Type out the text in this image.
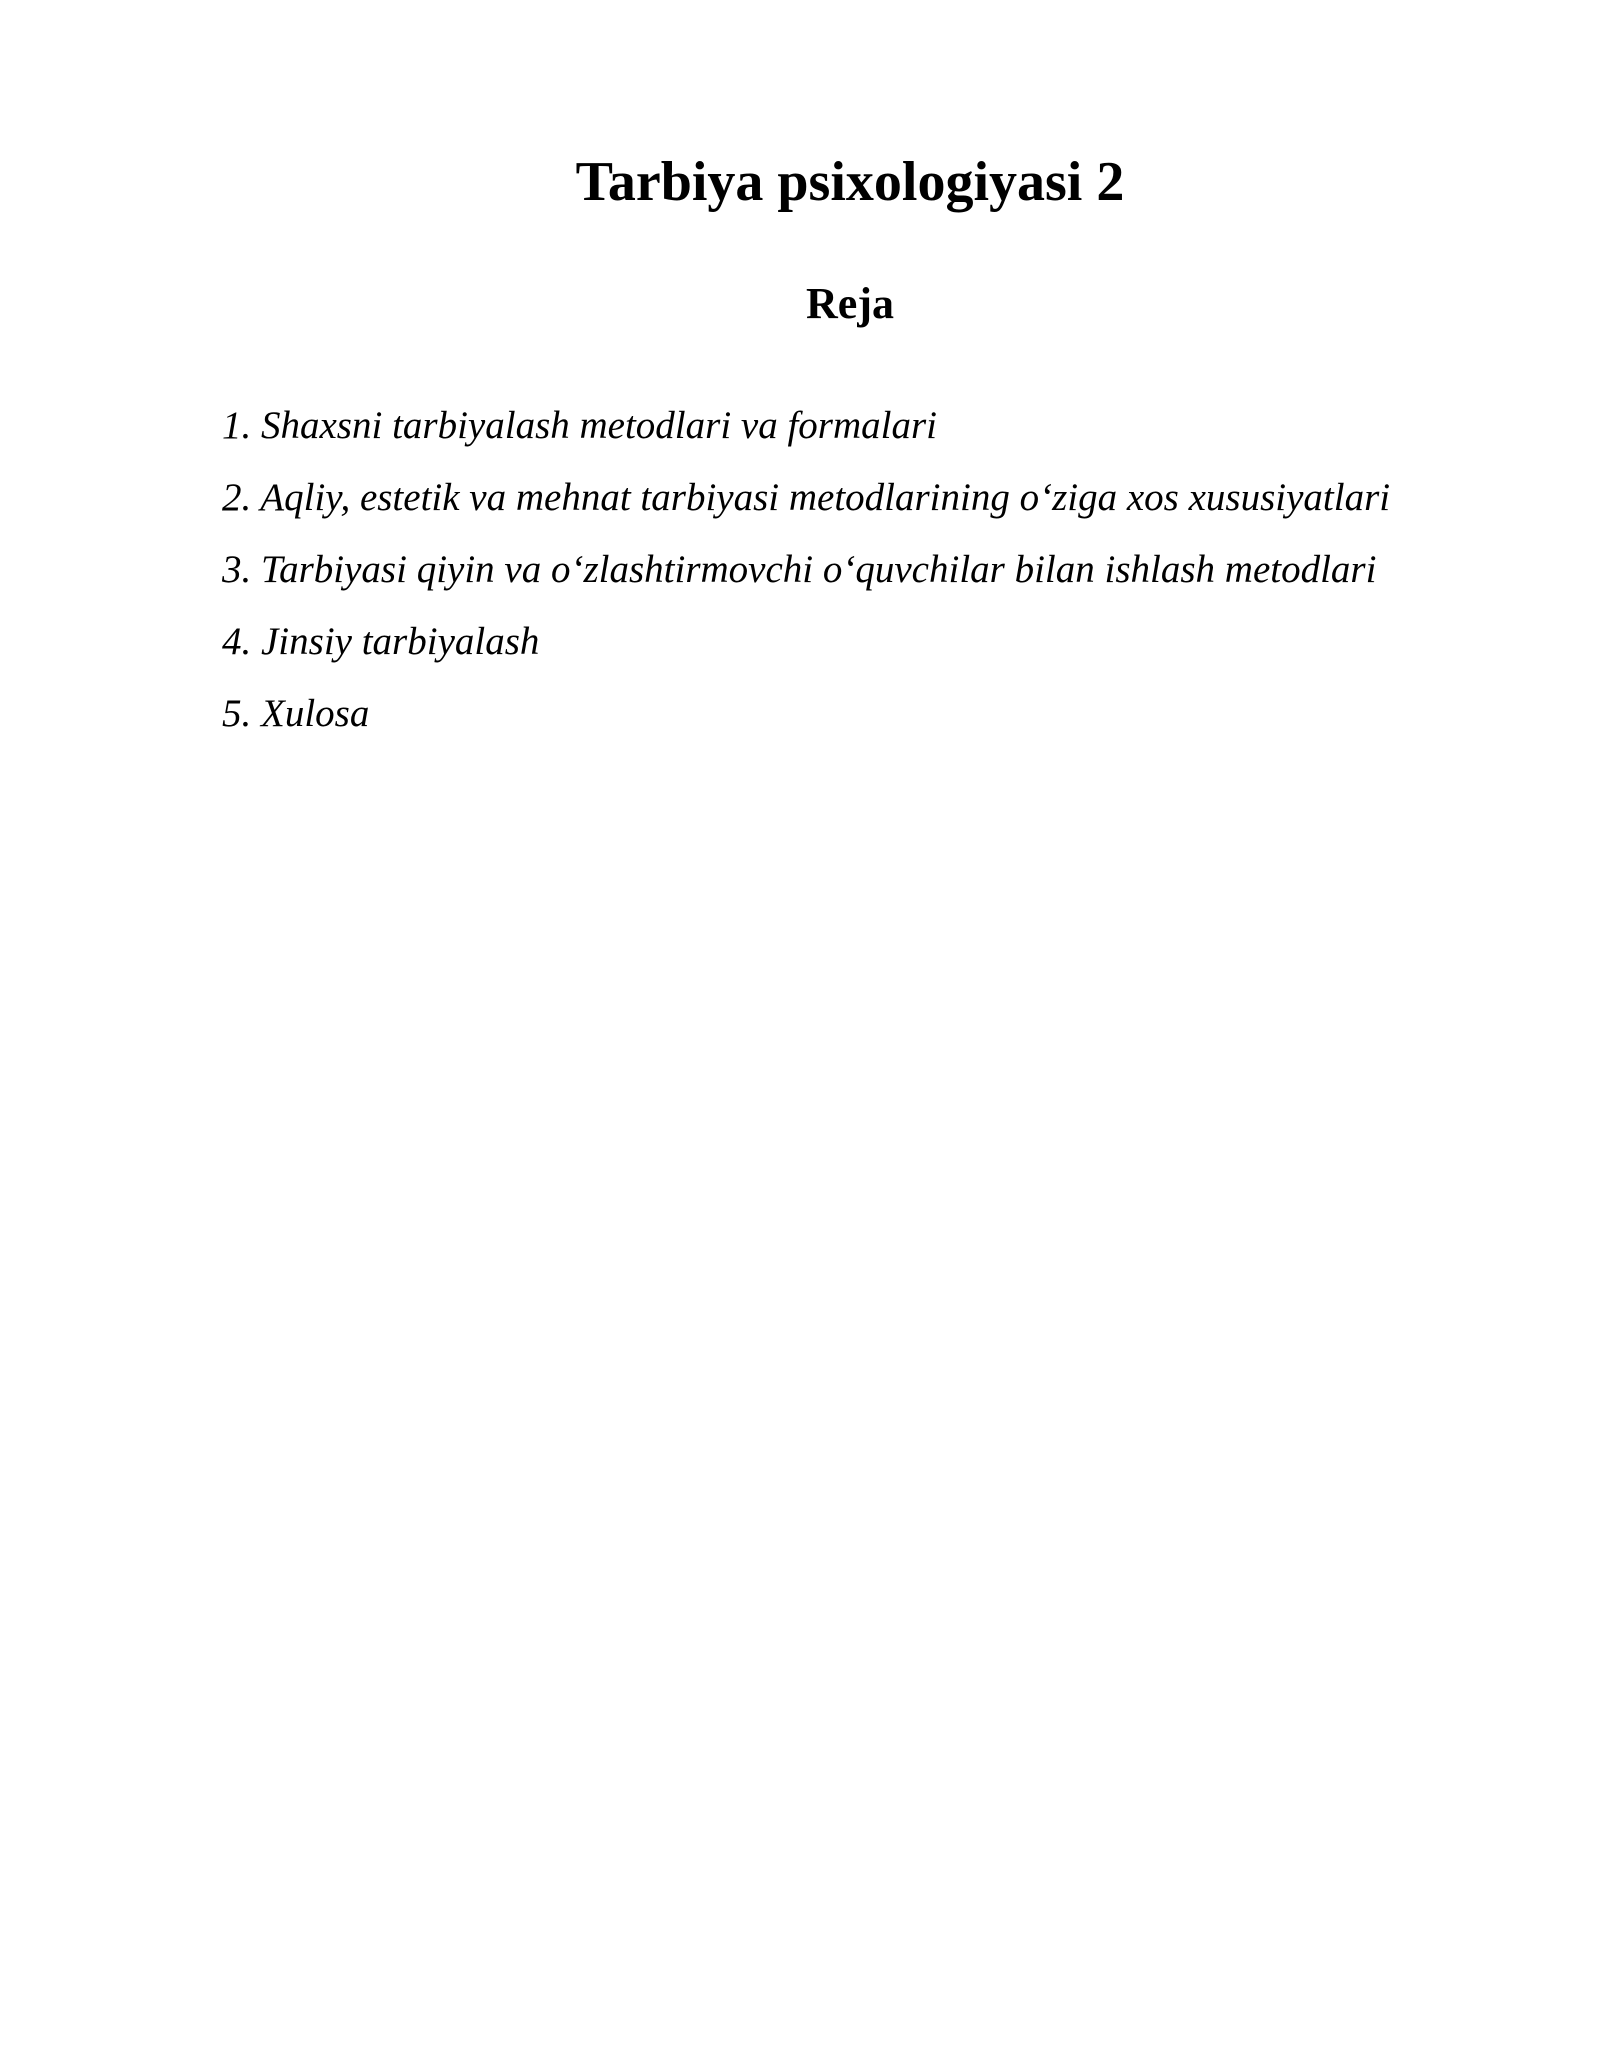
Tarbiya psixologiyasi 2
Reja
1. Shaxsni tarbiyalash metodlari va formalari
2. Aqliy, estetik va mehnat tarbiyasi metodlarining o‘ziga xos xususiyatlari
3. Tarbiyasi qiyin va o‘zlashtirmovchi o‘quvchilar bilan ishlash metodlari
4. Jinsiy tarbiyalash
5. Xulosa
